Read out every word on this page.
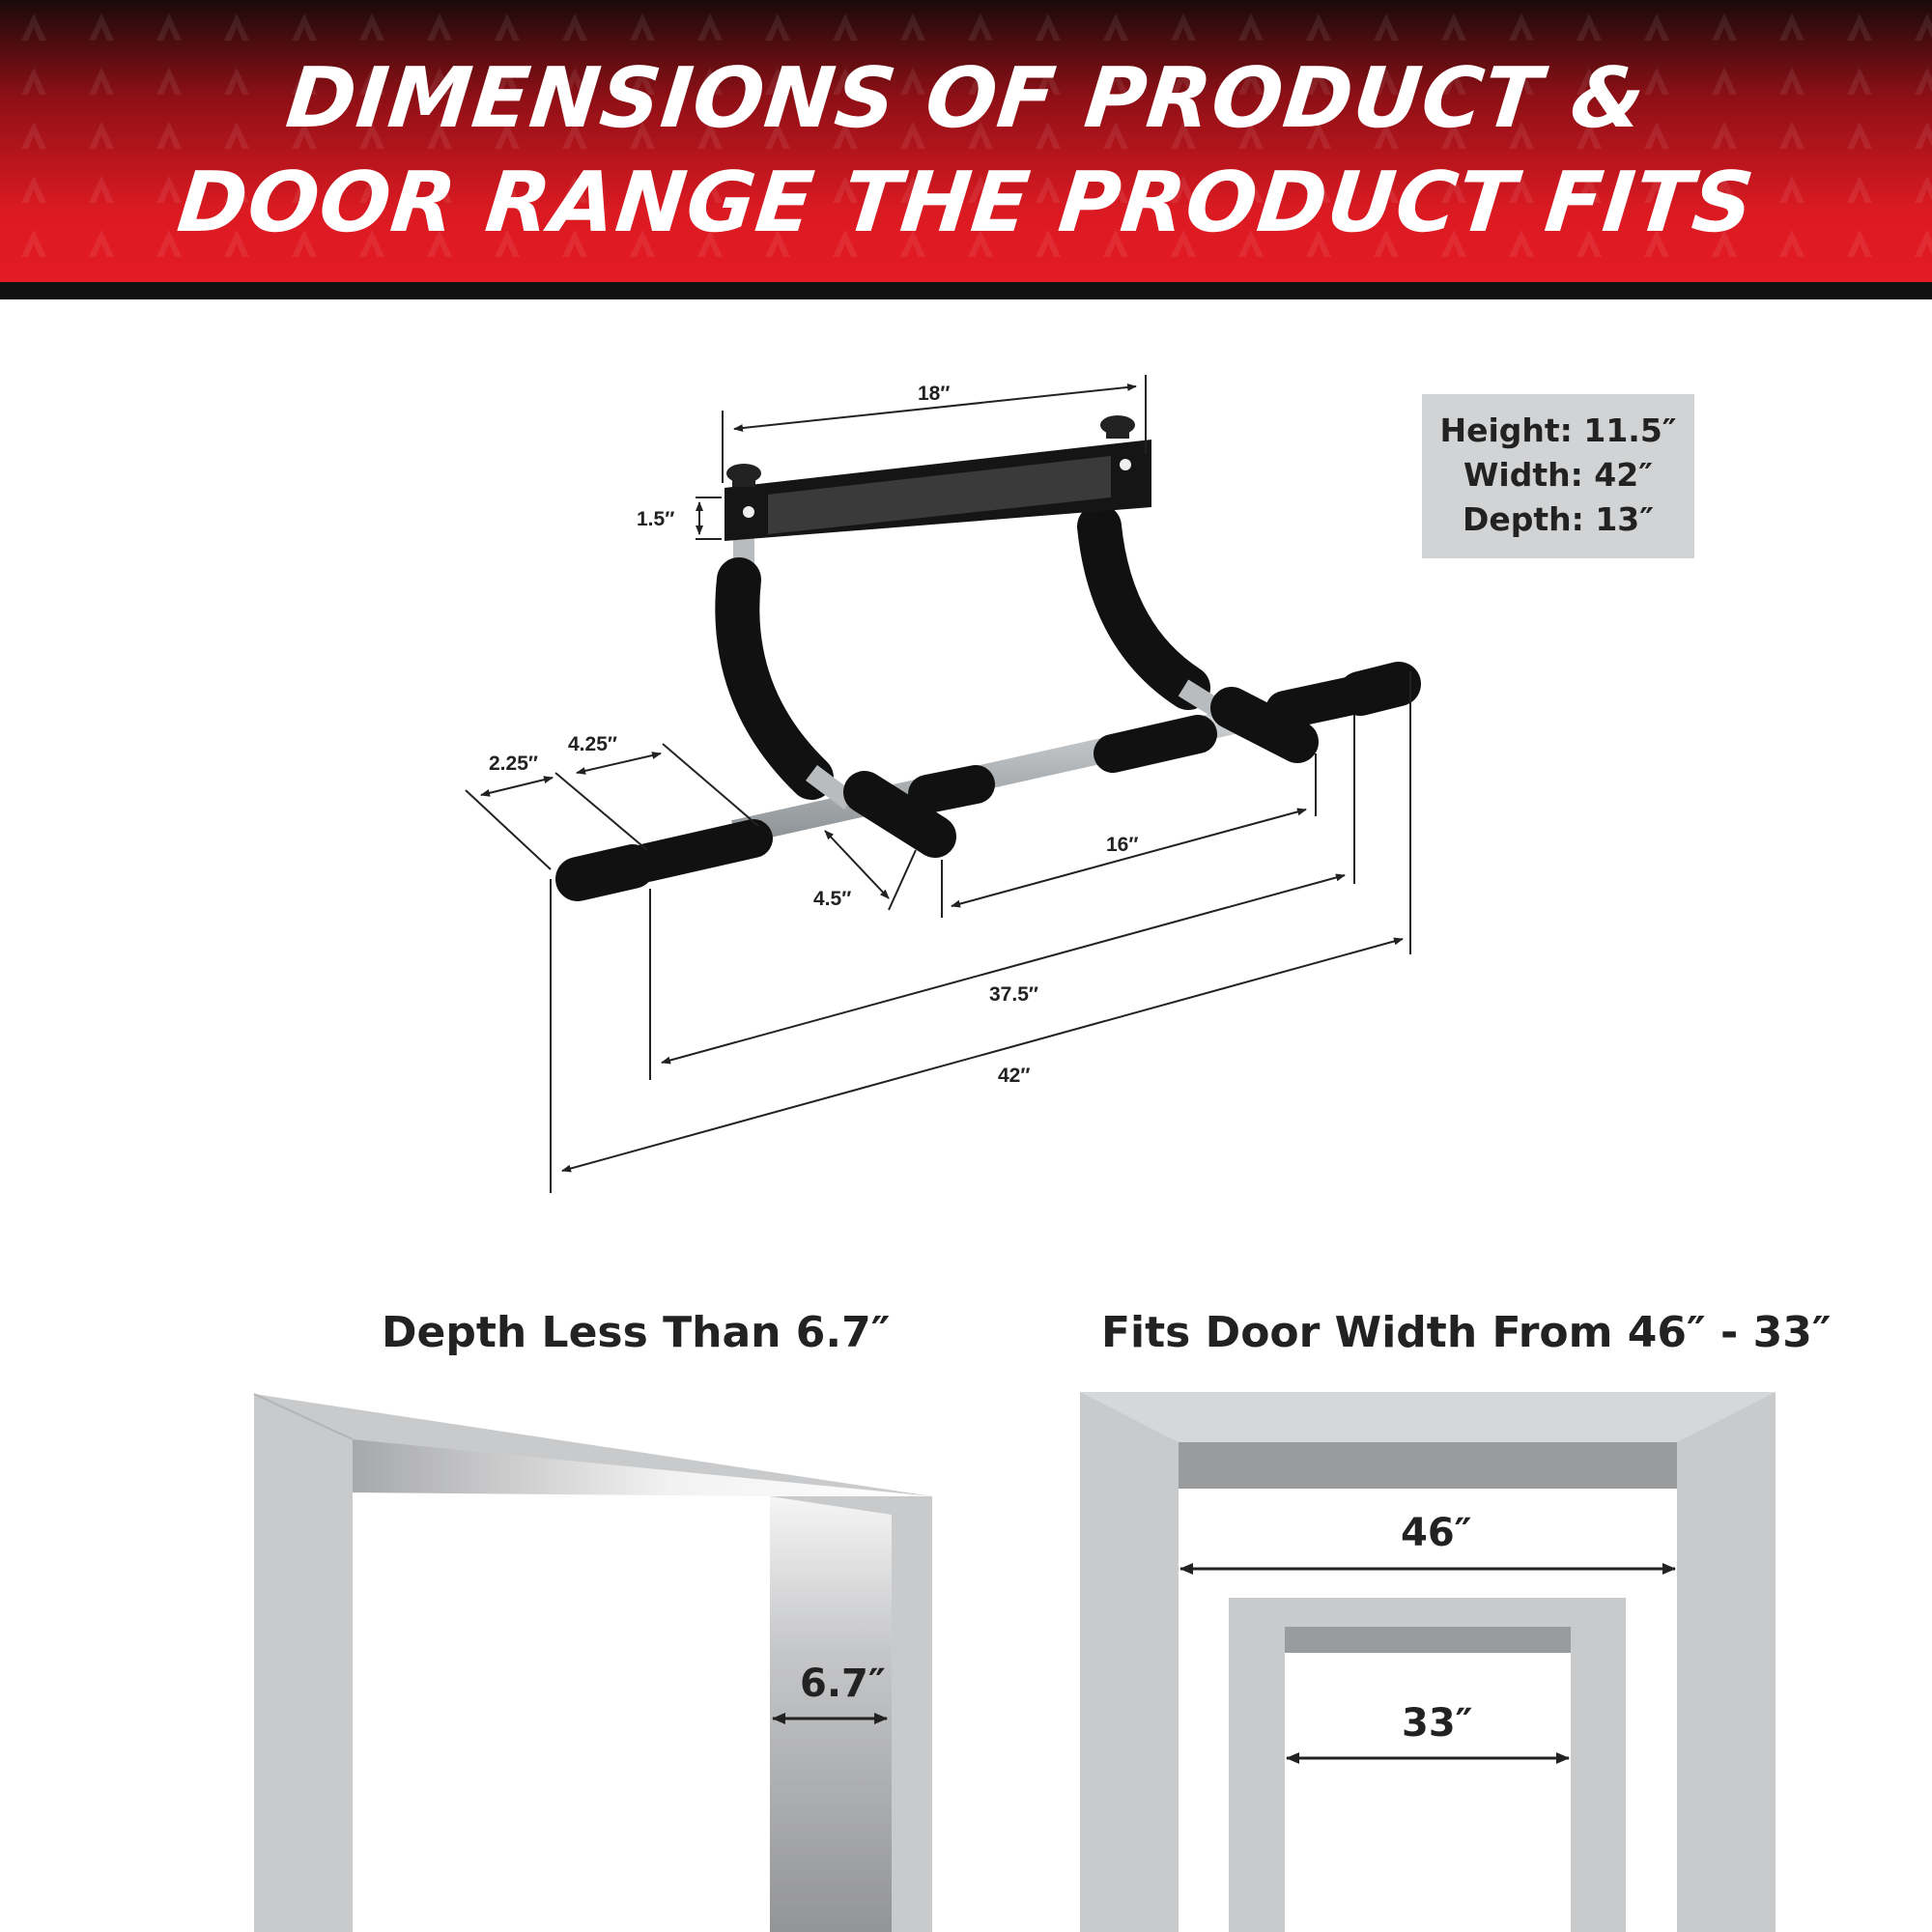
DIMENSIONS OF PRODUCT &
DOOR RANGE THE PRODUCT FITS
18″
1.5″
2.25″
4.25″
4.5″
16″
37.5″
42″
Height: 11.5″
Width: 42″
Depth: 13″
Depth Less Than 6.7″	Fits Door Width From 46″ - 33″
6.7″
46″
33″
